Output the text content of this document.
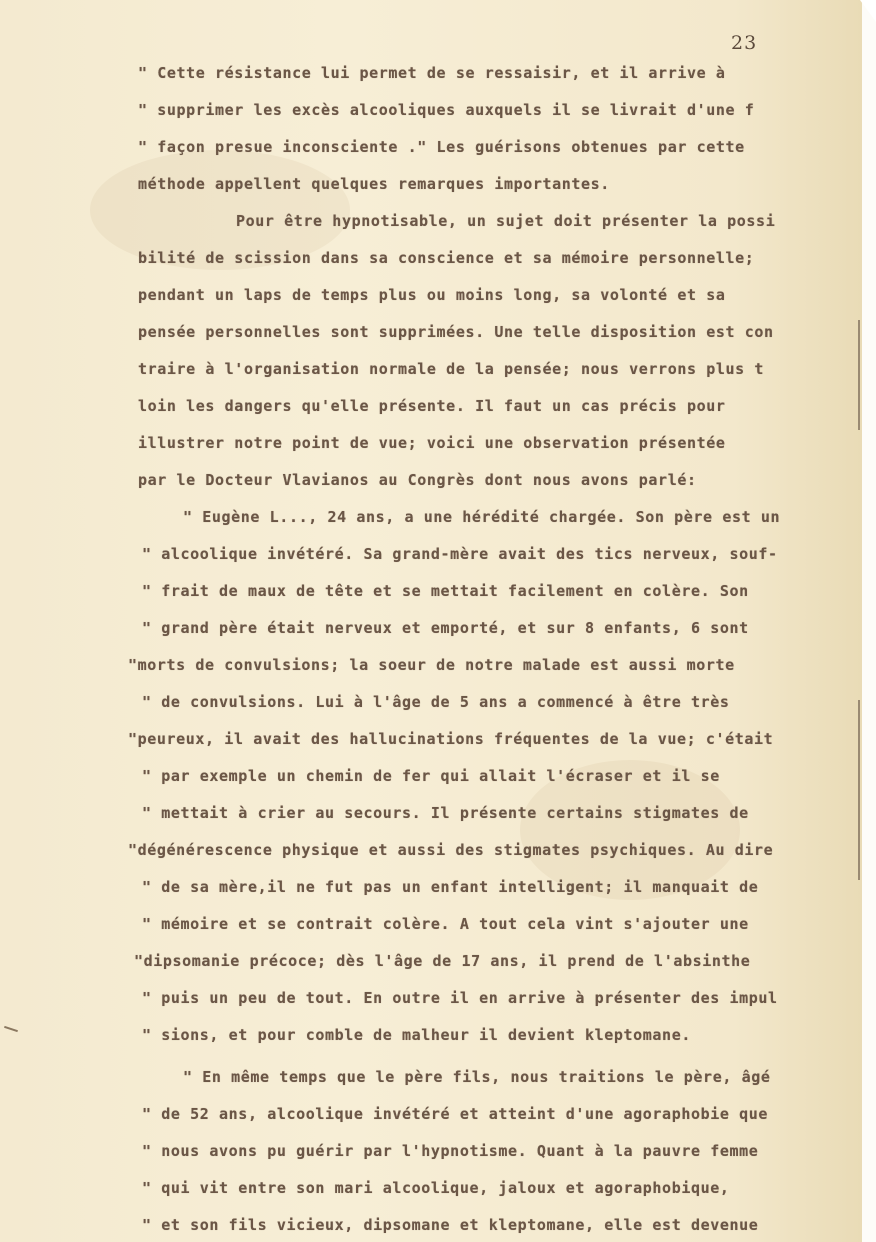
23
" Cette résistance lui permet de se ressaisir, et il arrive à
" supprimer les excès alcooliques auxquels il se livrait d'une f
" façon presue inconsciente ." Les guérisons obtenues par cette
méthode appellent quelques remarques importantes.
Pour être hypnotisable, un sujet doit présenter la possi
bilité de scission dans sa conscience et sa mémoire personnelle;
pendant un laps de temps plus ou moins long, sa volonté et sa
pensée personnelles sont supprimées. Une telle disposition est con
traire à l'organisation normale de la pensée; nous verrons plus t
loin les dangers qu'elle présente. Il faut un cas précis pour
illustrer notre point de vue; voici une observation présentée
par le Docteur Vlavianos au Congrès dont nous avons parlé:
" Eugène L..., 24 ans, a une hérédité chargée. Son père est un
" alcoolique invétéré. Sa grand-mère avait des tics nerveux, souf-
" frait de maux de tête et se mettait facilement en colère. Son
" grand père était nerveux et emporté, et sur 8 enfants, 6 sont
"morts de convulsions; la soeur de notre malade est aussi morte
" de convulsions. Lui à l'âge de 5 ans a commencé à être très
"peureux, il avait des hallucinations fréquentes de la vue; c'était
" par exemple un chemin de fer qui allait l'écraser et il se
" mettait à crier au secours. Il présente certains stigmates de
"dégénérescence physique et aussi des stigmates psychiques. Au dire
" de sa mère,il ne fut pas un enfant intelligent; il manquait de
" mémoire et se contrait colère. A tout cela vint s'ajouter une
"dipsomanie précoce; dès l'âge de 17 ans, il prend de l'absinthe
" puis un peu de tout. En outre il en arrive à présenter des impul
" sions, et pour comble de malheur il devient kleptomane.
" En même temps que le père fils, nous traitions le père, âgé
" de 52 ans, alcoolique invétéré et atteint d'une agoraphobie que
" nous avons pu guérir par l'hypnotisme. Quant à la pauvre femme
" qui vit entre son mari alcoolique, jaloux et agoraphobique,
" et son fils vicieux, dipsomane et kleptomane, elle est devenue
